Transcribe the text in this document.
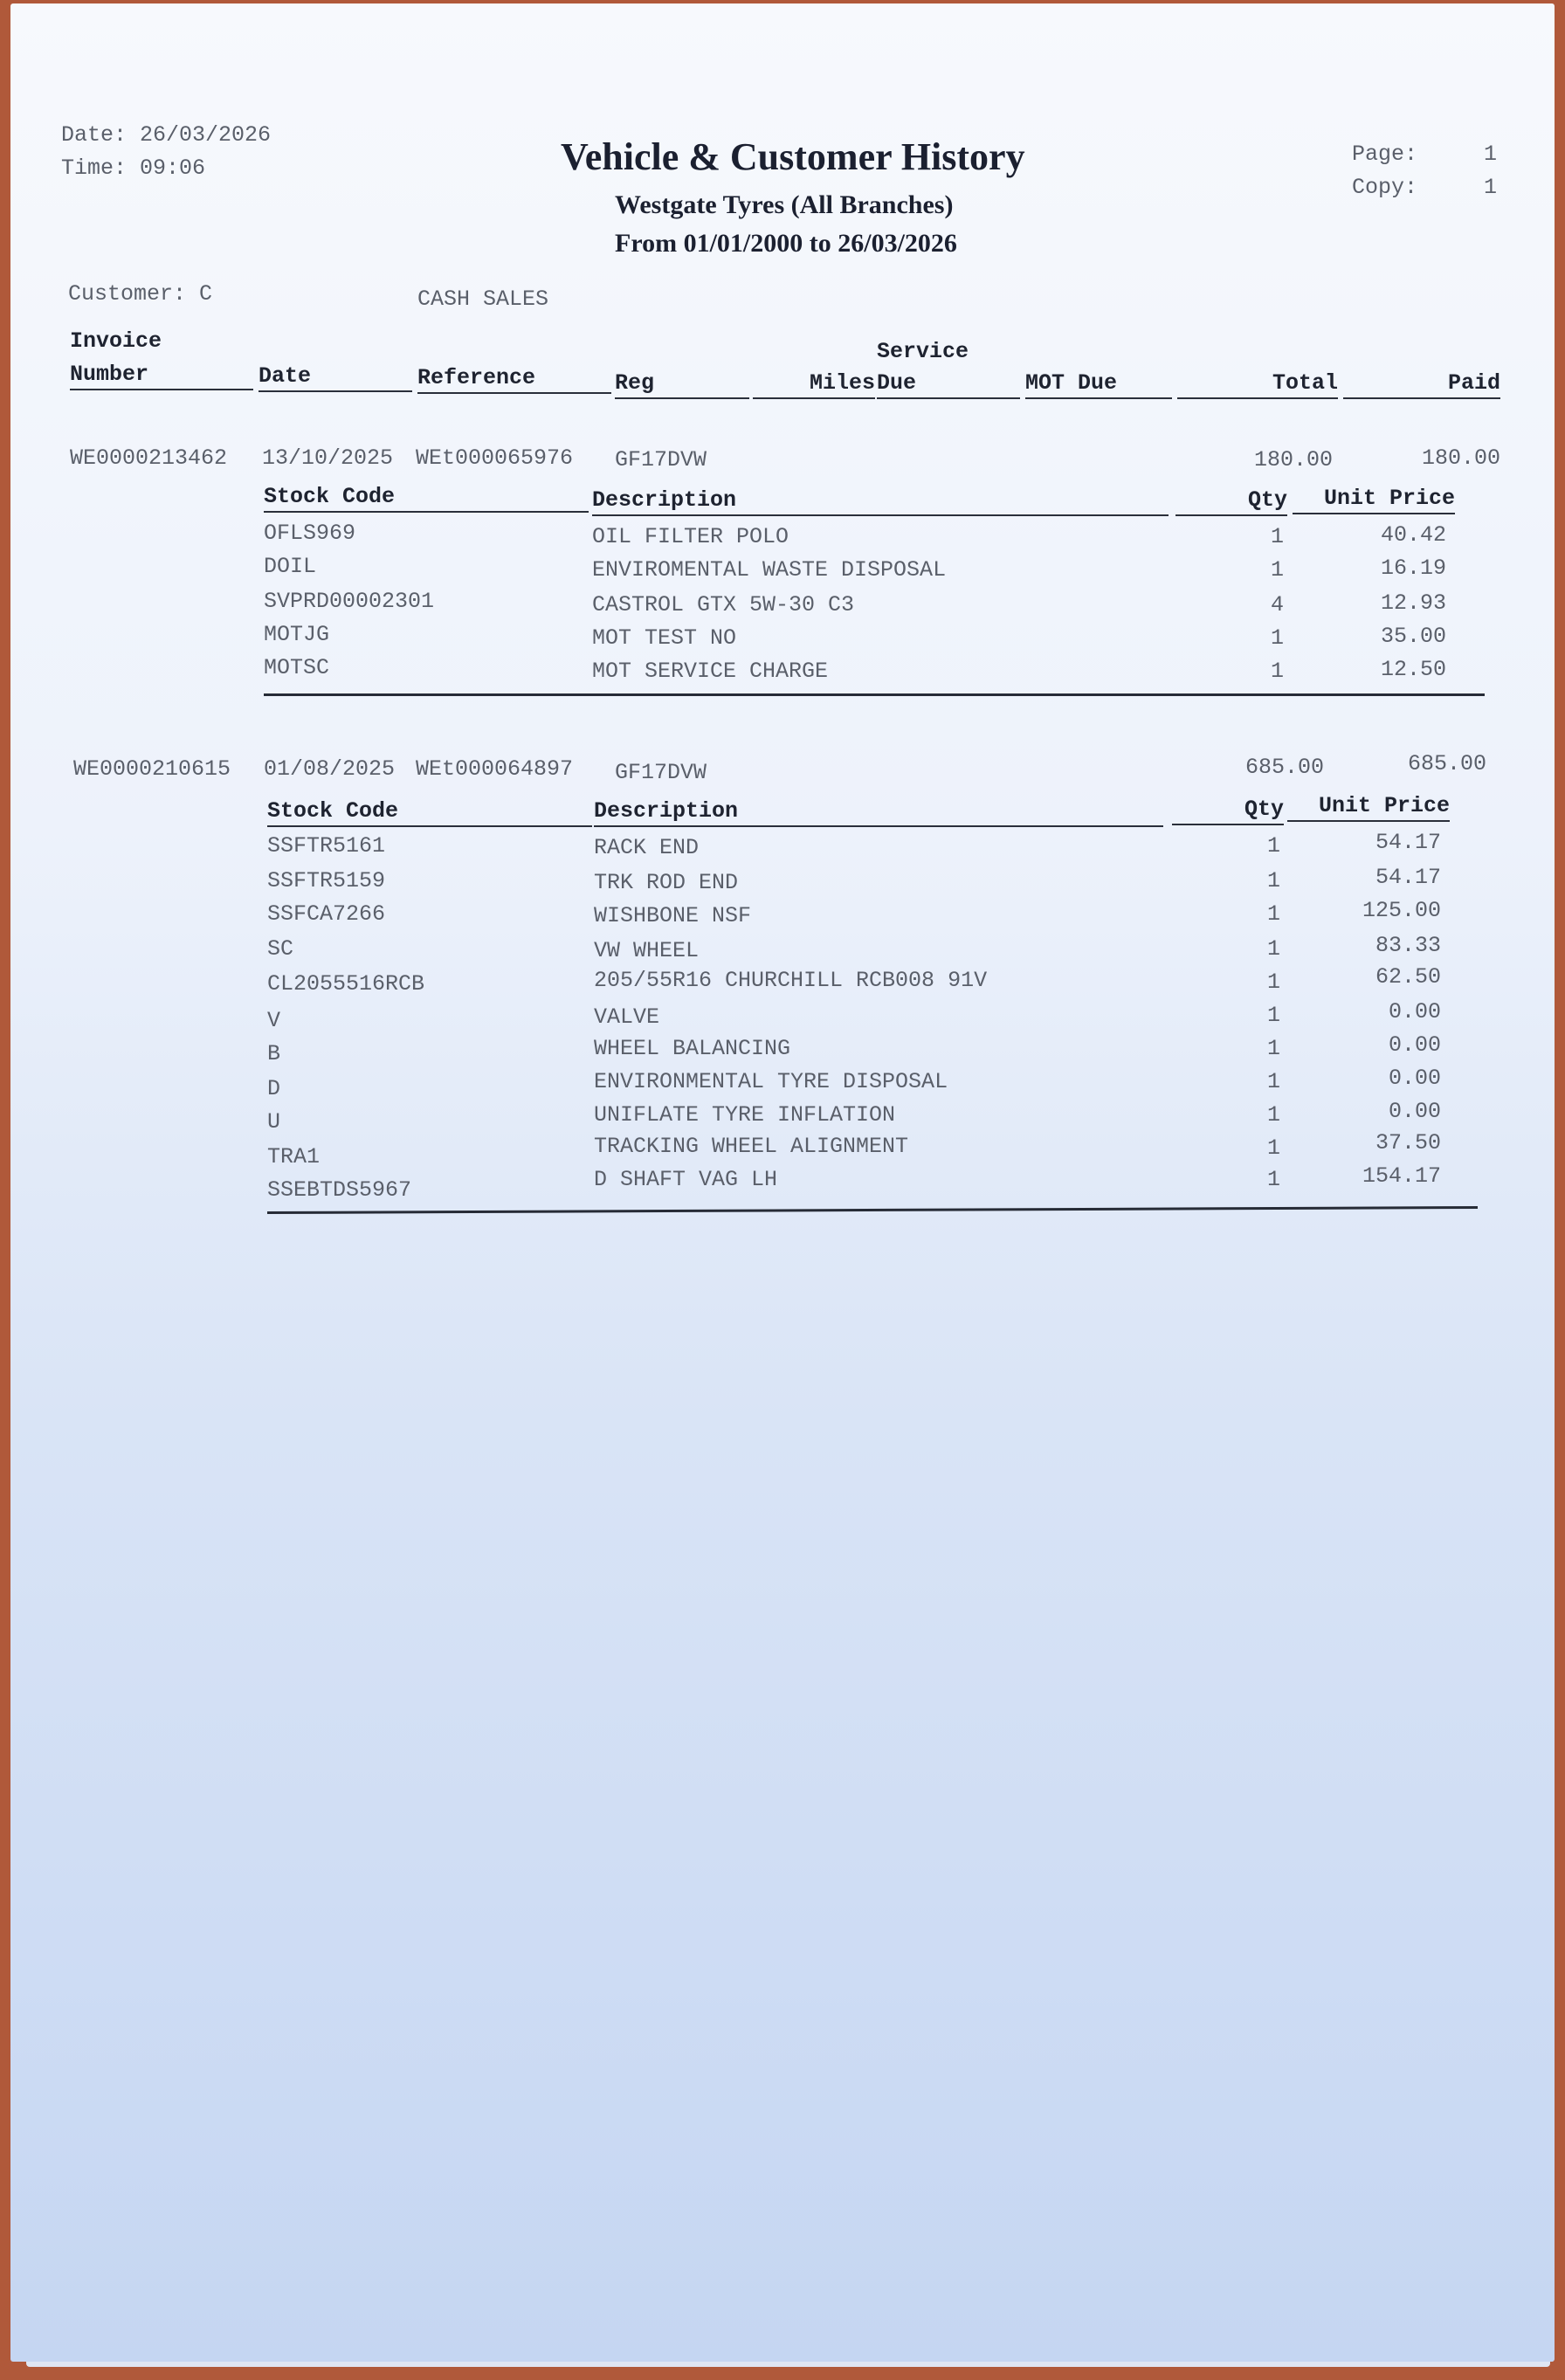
Date: 26/03/2026
Time: 09:06	Vehicle & Customer History
Westgate Tyres (All Branches)
From 01/01/2000 to 26/03/2026
Page:	1
Copy:	1
Customer: C	CASH SALES
Invoice
Number	Date	Reference	Reg	Miles
Service
Due	MOT Due	Total	Paid
WE0000213462 13/10/2025 WEt000065976 GF17DVW	180.00	180.00
Stock Code	Description	Qty	Unit Price
OFLS969	OIL FILTER POLO	1	40.42
DOIL	ENVIROMENTAL WASTE DISPOSAL	1	16.19
SVPRD00002301	CASTROL GTX 5W-30 C3	4	12.93
MOTJG	MOT TEST NO	1	35.00
MOTSC	MOT SERVICE CHARGE	1	12.50
WE0000210615 01/08/2025 WEt000064897 GF17DVW	685.00	685.00
Stock Code	Description	Qty	Unit Price
SSFTR5161	RACK END	1	54.17
SSFTR5159	TRK ROD END	1	54.17
SSFCA7266	WISHBONE NSF	1	125.00
SC	VW WHEEL	1	83.33
CL2055516RCB	205/55R16 CHURCHILL RCB008 91V	1	62.50
V	VALVE	1	0.00
B	WHEEL BALANCING	1	0.00
D	ENVIRONMENTAL TYRE DISPOSAL	1	0.00
U	UNIFLATE TYRE INFLATION	1	0.00
TRA1	TRACKING WHEEL ALIGNMENT	1	37.50
SSEBTDS5967	D SHAFT VAG LH	1	154.17
